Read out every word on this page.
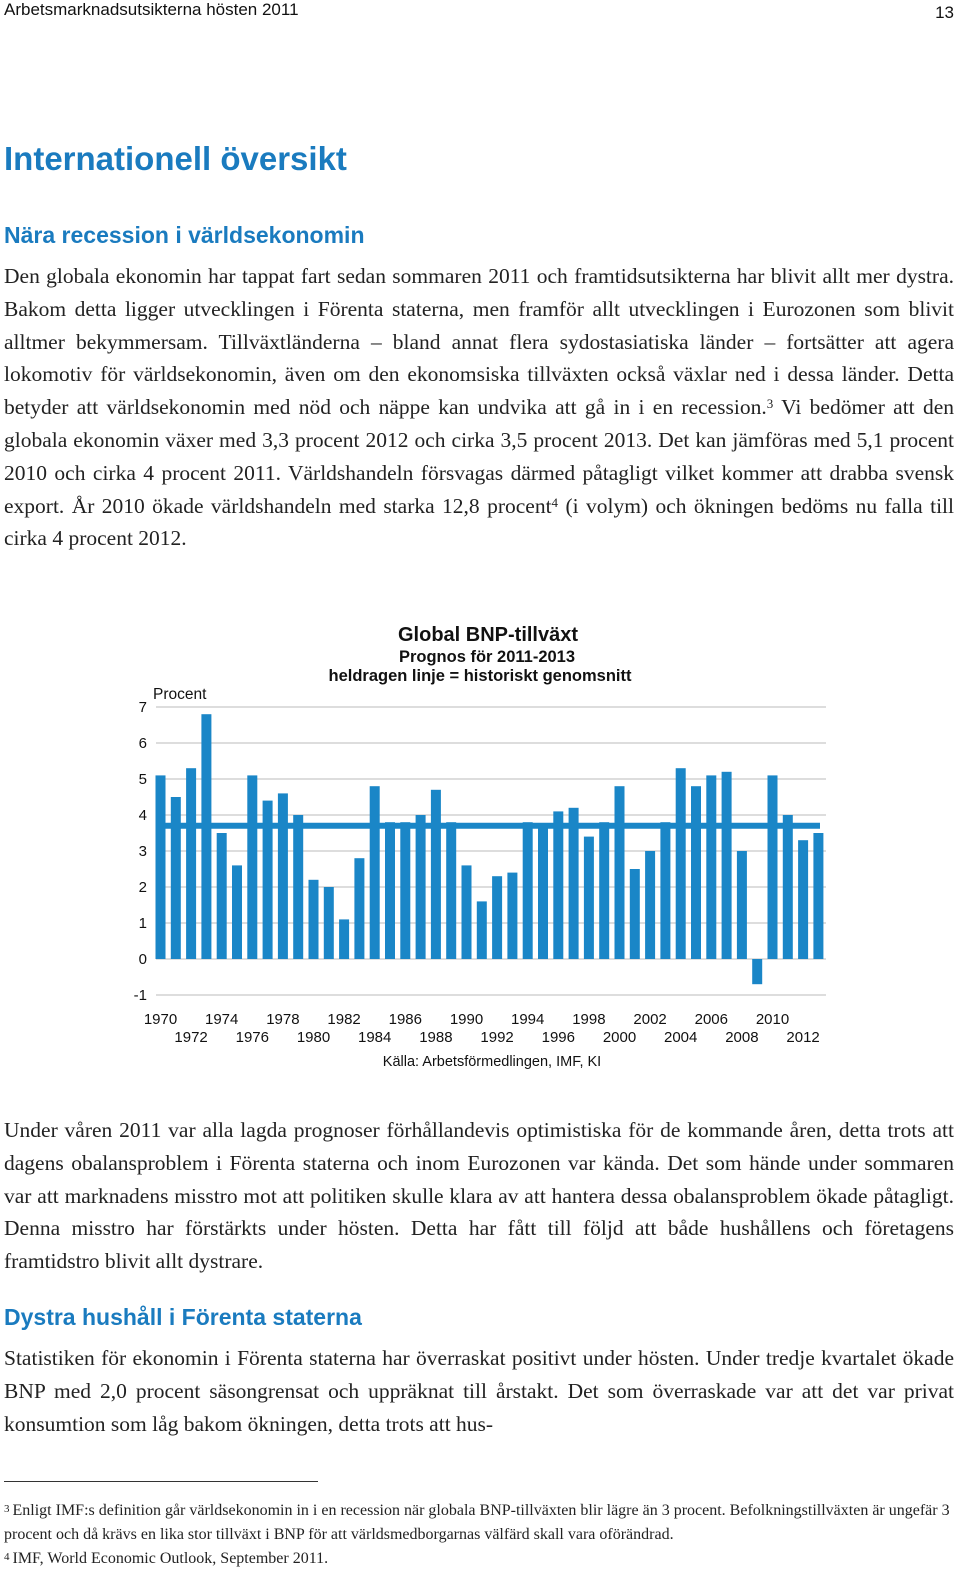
Arbetsmarknadsutsikterna hösten 2011	13
Internationell översikt
Nära recession i världsekonomin

Den globala ekonomin har tappat fart sedan sommaren 2011 och framtidsutsikterna har blivit allt mer dystra. Bakom detta ligger utvecklingen i Förenta staterna, men framför allt utvecklingen i Eurozonen som blivit alltmer bekymmersam. Tillväxtländerna – bland annat flera sydostasiatiska länder – fortsätter att agera lokomotiv för världsekonomin, även om den ekonomsiska tillväxten också växlar ned i dessa länder. Detta betyder att världsekonomin med nöd och näppe kan undvika att gå in i en recession.$^3$ Vi bedömer att den globala ekonomin växer med 3,3 procent 2012 och cirka 3,5 procent 2013. Det kan jämföras med 5,1 procent 2010 och cirka 4 procent 2011. Världshandeln försvagas därmed påtagligt vilket kommer att drabba svensk export. År 2010 ökade världshandeln med starka 12,8 procent$^4$ (i volym) och ökningen bedöms nu falla till cirka 4 procent 2012.

Global BNP-tillväxt
Prognos för 2011-2013
heldragen linje = historiskt genomsnitt
Procent
7
6
5
4
3
2
1
0
-1
1970 1974 1978 1982 1986 1990 1994 1998 2002 2006 2010
1972 1976 1980 1984 1988 1992 1996 2000 2004 2008 2012
Källa: Arbetsförmedlingen, IMF, KI

Under våren 2011 var alla lagda prognoser förhållandevis optimistiska för de kommande åren, detta trots att dagens obalansproblem i Förenta staterna och inom Eurozonen var kända. Det som hände under sommaren var att marknadens misstro mot att politiken skulle klara av att hantera dessa obalansproblem ökade påtagligt. Denna misstro har förstärkts under hösten. Detta har fått till följd att både hushållens och företagens framtidstro blivit allt dystrare.

Dystra hushåll i Förenta staterna

Statistiken för ekonomin i Förenta staterna har överraskat positivt under hösten. Under tredje kvartalet ökade BNP med 2,0 procent säsongrensat och uppräknat till årstakt. Det som överraskade var att det var privat konsumtion som låg bakom ökningen, detta trots att hus-

3 Enligt IMF:s definition går världsekonomin in i en recession när globala BNP-tillväxten blir lägre än 3 procent. Befolkningstillväxten är ungefär 3 procent och då krävs en lika stor tillväxt i BNP för att världsmedborgarnas välfärd skall vara oförändrad.

4 IMF, World Economic Outlook, September 2011.
